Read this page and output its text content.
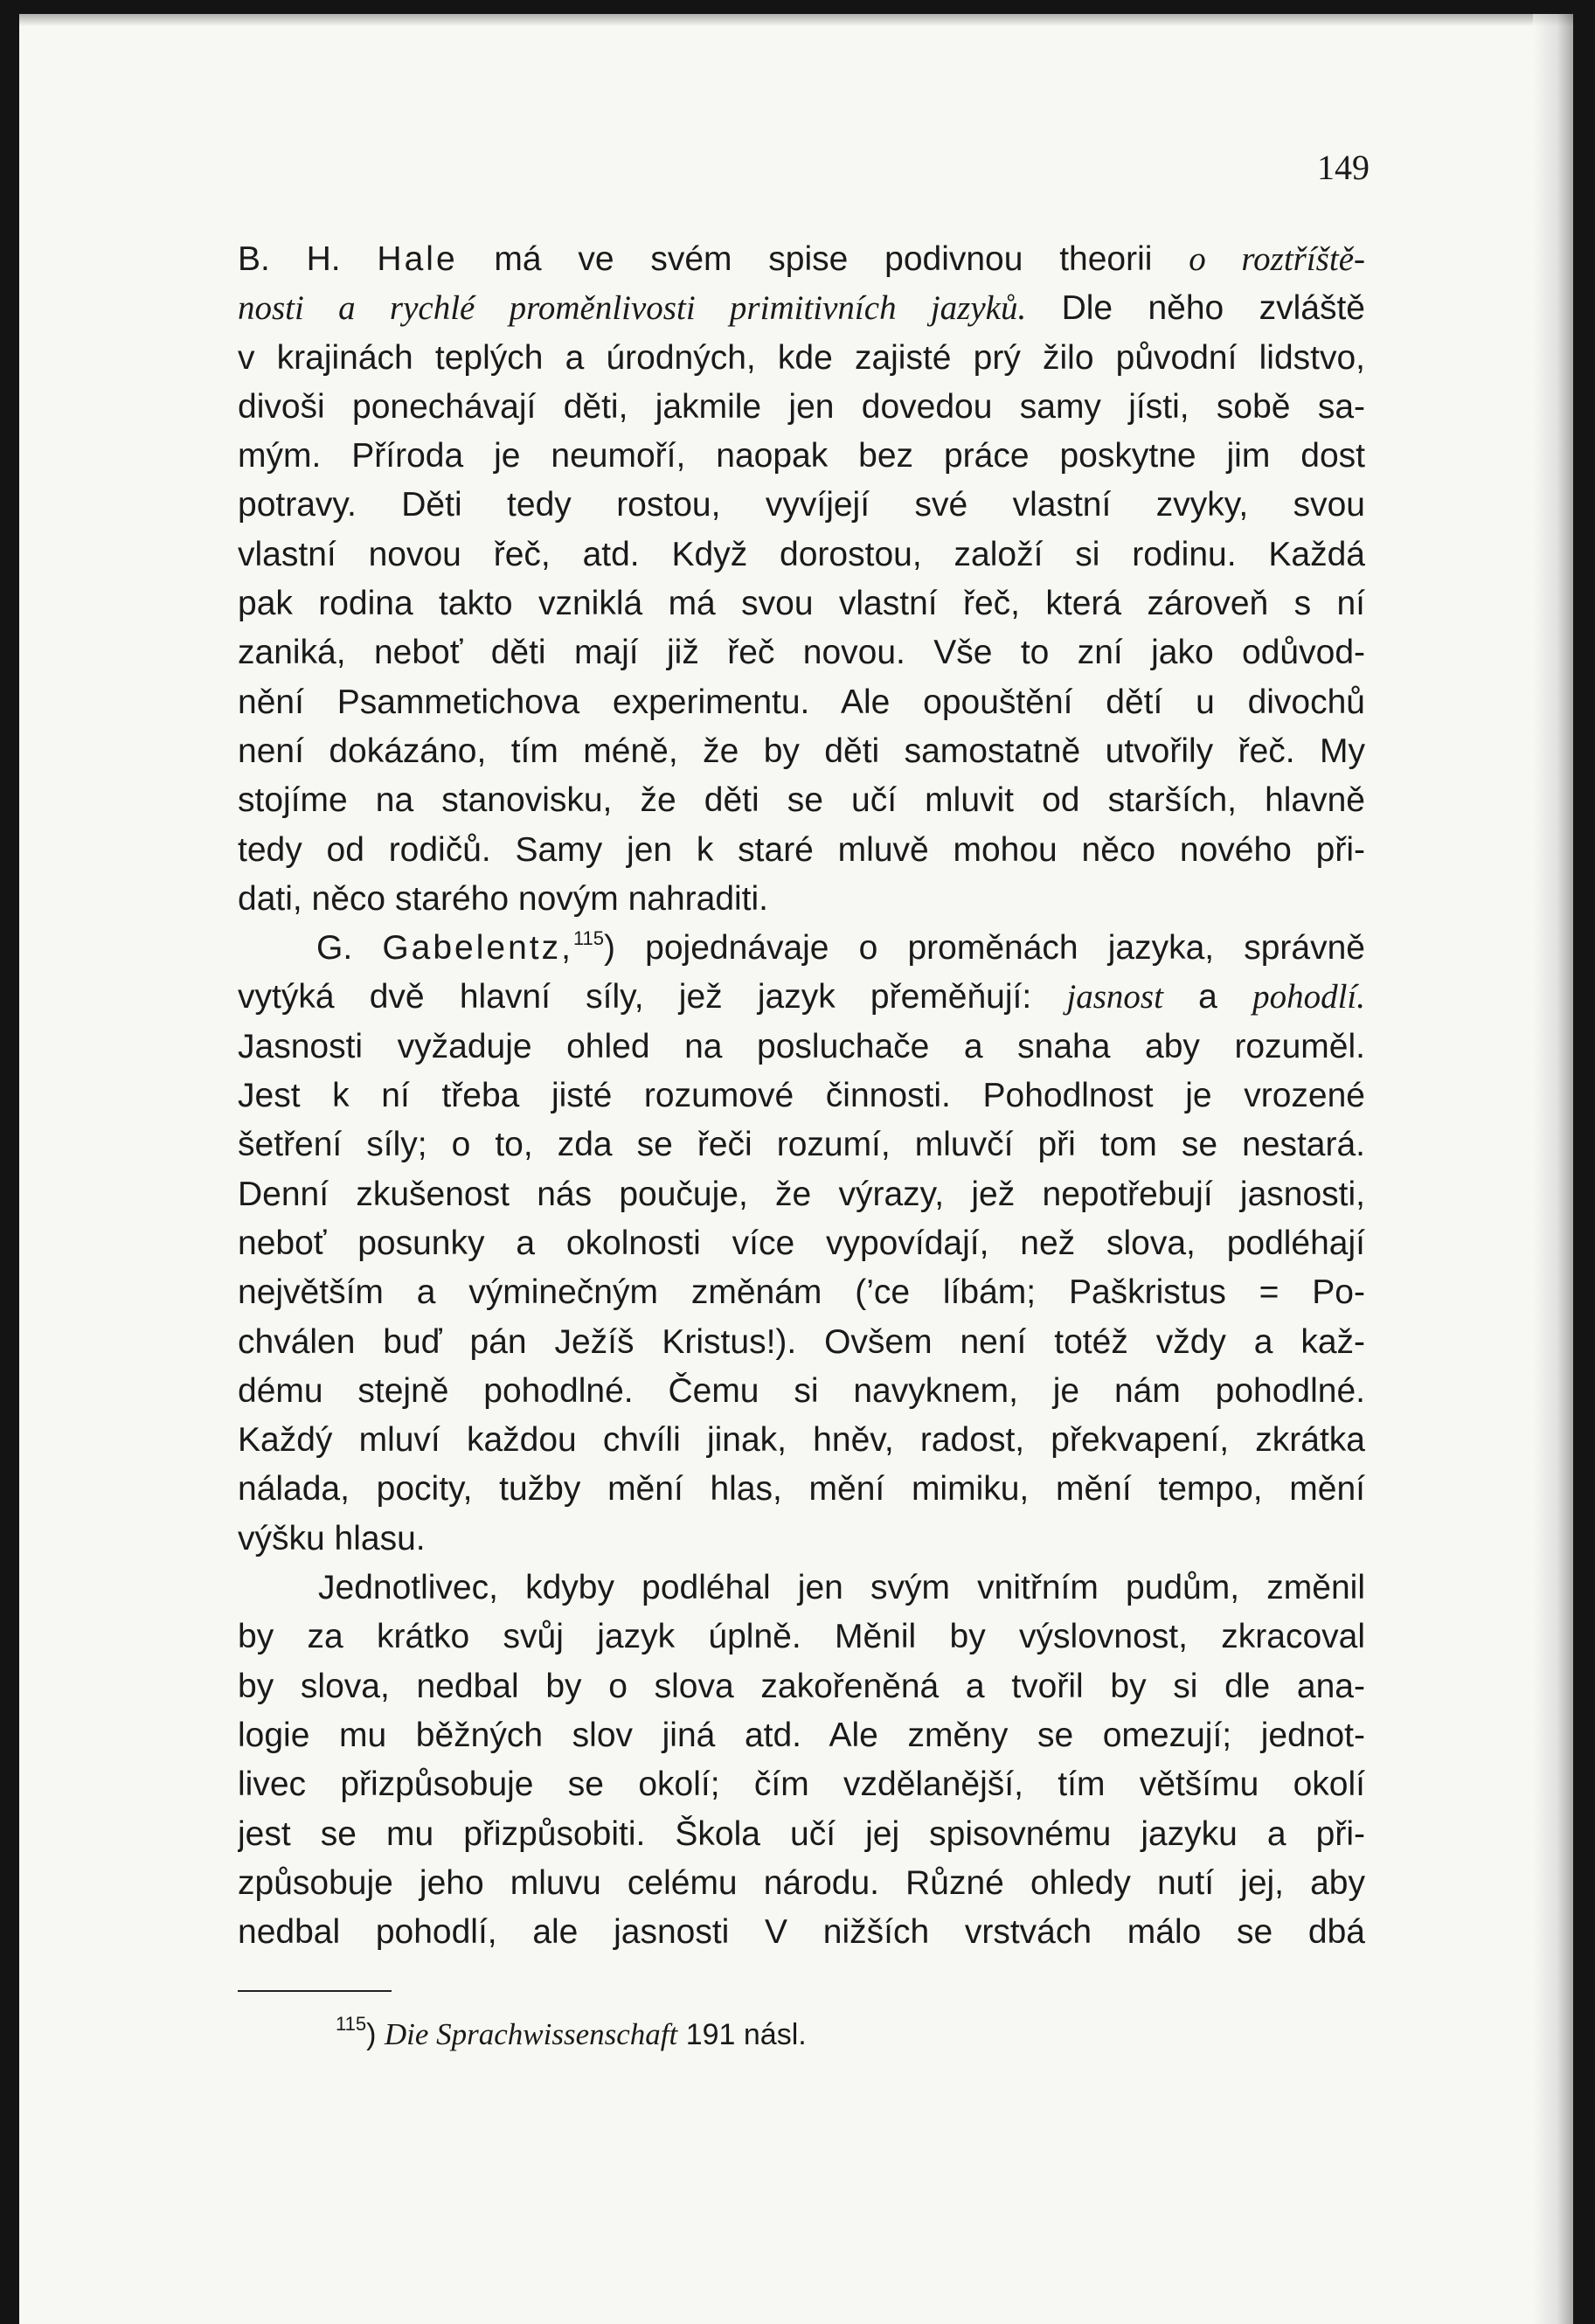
149
B. H. Hale má ve svém spise podivnou theorii o roztříště-
nosti a rychlé proměnlivosti primitivních jazyků. Dle něho zvláště
v krajinách teplých a úrodných, kde zajisté prý žilo původní lidstvo,
divoši ponechávají děti, jakmile jen dovedou samy jísti, sobě sa-
mým. Příroda je neumoří, naopak bez práce poskytne jim dost
potravy. Děti tedy rostou, vyvíjejí své vlastní zvyky, svou
vlastní novou řeč, atd. Když dorostou, založí si rodinu. Každá
pak rodina takto vzniklá má svou vlastní řeč, která zároveň s ní
zaniká, neboť děti mají již řeč novou. Vše to zní jako odůvod-
nění Psammetichova experimentu. Ale opouštění dětí u divochů
není dokázáno, tím méně, že by děti samostatně utvořily řeč. My
stojíme na stanovisku, že děti se učí mluvit od starších, hlavně
tedy od rodičů. Samy jen k staré mluvě mohou něco nového při-
dati, něco starého novým nahraditi.
G. Gabelentz,$^{115}$) pojednávaje o proměnách jazyka, správně
vytýká dvě hlavní síly, jež jazyk přeměňují: jasnost a pohodlí.
Jasnosti vyžaduje ohled na posluchače a snaha aby rozuměl.
Jest k ní třeba jisté rozumové činnosti. Pohodlnost je vrozené
šetření síly; o to, zda se řeči rozumí, mluvčí při tom se nestará.
Denní zkušenost nás poučuje, že výrazy, jež nepotřebují jasnosti,
neboť posunky a okolnosti více vypovídají, než slova, podléhají
největším a výminečným změnám (’ce líbám; Paškristus = Po-
chválen buď pán Ježíš Kristus!). Ovšem není totéž vždy a kaž-
dému stejně pohodlné. Čemu si navyknem, je nám pohodlné.
Každý mluví každou chvíli jinak, hněv, radost, překvapení, zkrátka
nálada, pocity, tužby mění hlas, mění mimiku, mění tempo, mění
výšku hlasu.
Jednotlivec, kdyby podléhal jen svým vnitřním pudům, změnil
by za krátko svůj jazyk úplně. Měnil by výslovnost, zkracoval
by slova, nedbal by o slova zakořeněná a tvořil by si dle ana-
logie mu běžných slov jiná atd. Ale změny se omezují; jednot-
livec přizpůsobuje se okolí; čím vzdělanější, tím většímu okolí
jest se mu přizpůsobiti. Škola učí jej spisovnému jazyku a při-
způsobuje jeho mluvu celému národu. Různé ohledy nutí jej, aby
nedbal pohodlí, ale jasnosti V nižších vrstvách málo se dbá
$^{115}$) Die Sprachwissenschaft 191 násl.
